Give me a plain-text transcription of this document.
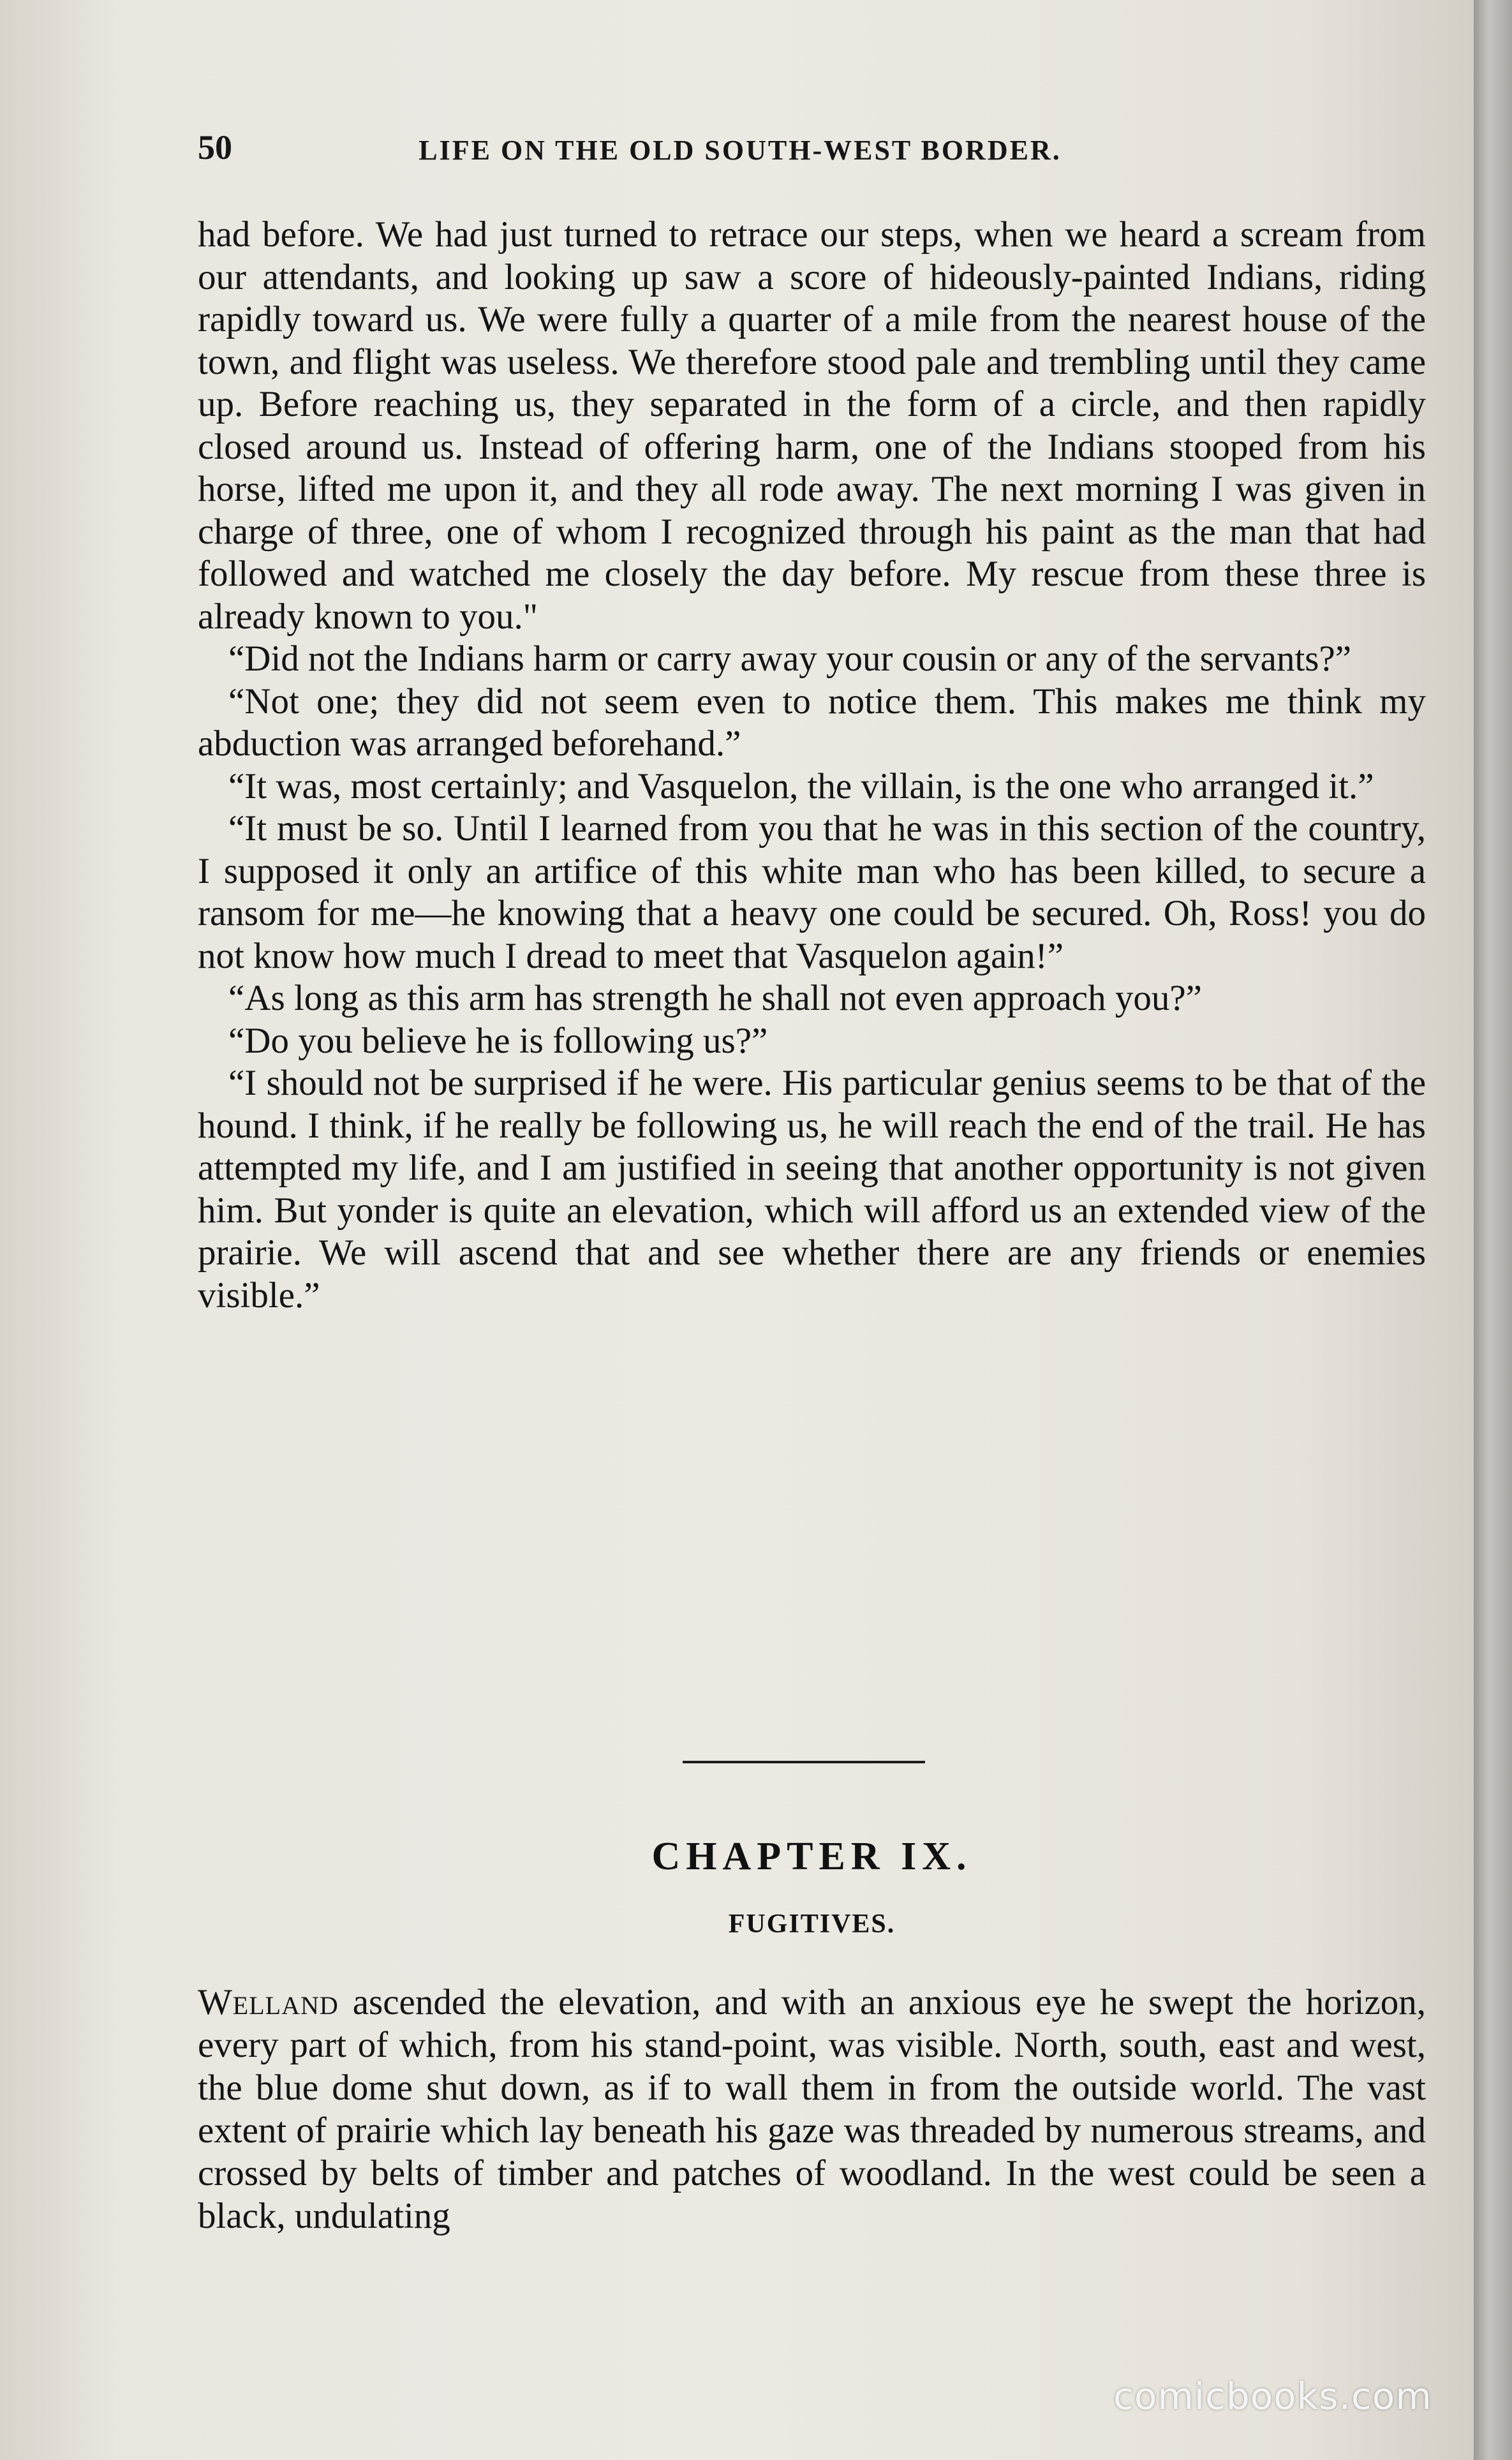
50	LIFE ON THE OLD SOUTH-WEST BORDER.

had before. We had just turned to retrace our steps, when we heard a scream from our attendants, and looking up saw a score of hideously-painted Indians, riding rapidly toward us. We were fully a quarter of a mile from the nearest house of the town, and flight was useless. We therefore stood pale and trembling until they came up. Before reaching us, they separated in the form of a circle, and then rapidly closed around us. Instead of offering harm, one of the Indians stooped from his horse, lifted me upon it, and they all rode away. The next morning I was given in charge of three, one of whom I recognized through his paint as the man that had followed and watched me closely the day before. My rescue from these three is already known to you."

“Did not the Indians harm or carry away your cousin or any of the servants?”

“Not one; they did not seem even to notice them. This makes me think my abduction was arranged beforehand.”

“It was, most certainly; and Vasquelon, the villain, is the one who arranged it.”

“It must be so. Until I learned from you that he was in this section of the country, I supposed it only an artifice of this white man who has been killed, to secure a ransom for me—he knowing that a heavy one could be secured. Oh, Ross! you do not know how much I dread to meet that Vasquelon again!”

“As long as this arm has strength he shall not even approach you?”

“Do you believe he is following us?”

“I should not be surprised if he were. His particular genius seems to be that of the hound. I think, if he really be following us, he will reach the end of the trail. He has attempted my life, and I am justified in seeing that another opportunity is not given him. But yonder is quite an elevation, which will afford us an extended view of the prairie. We will ascend that and see whether there are any friends or enemies visible.”

CHAPTER IX.
FUGITIVES.
Welland ascended the elevation, and with an anxious eye he swept the horizon, every part of which, from his stand-point, was visible. North, south, east and west, the blue dome shut down, as if to wall them in from the outside world. The vast extent of prairie which lay beneath his gaze was threaded by numerous streams, and crossed by belts of timber and patches of woodland. In the west could be seen a black, undulating
comicbooks.com
